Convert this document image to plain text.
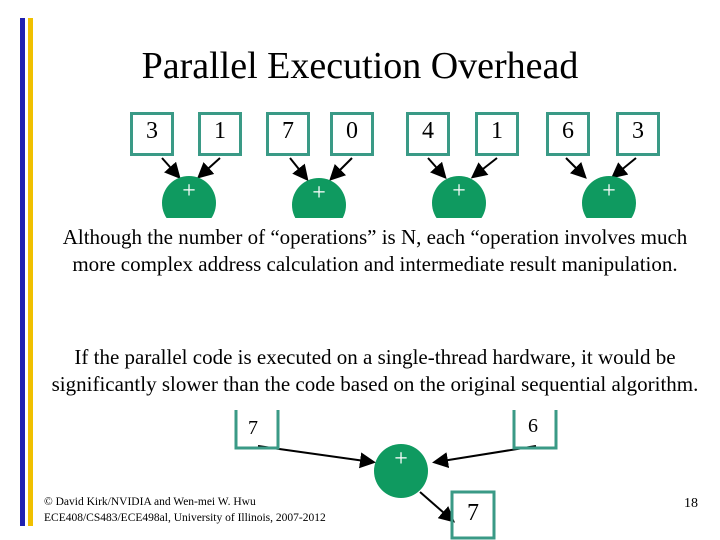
Parallel Execution Overhead
3	1	7	0	4	1	6	3
+	+	+	+
7	6
Although the number of “operations” is N, each “operation involves much more complex address calculation and intermediate result manipulation.
If the parallel code is executed on a single-thread hardware, it would be significantly slower than the code based on the original sequential algorithm.
+
7
© David Kirk/NVIDIA and Wen-mei W. Hwu
ECE408/CS483/ECE498al, University of Illinois, 2007-2012
18
